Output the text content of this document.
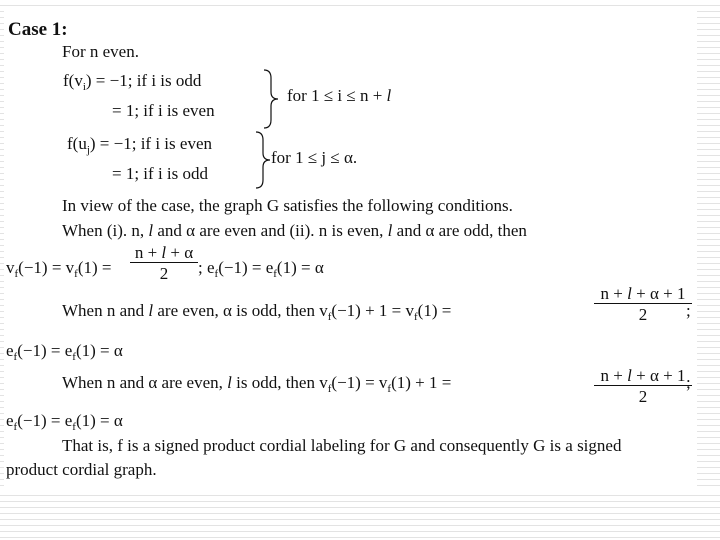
Case 1:
For n even.
$f(v_i) = -1$; if i is odd
= 1; if i is even
for 1 ≤ i ≤ n + l
$f(u_j) = -1$; if i is even
= 1; if i is odd
for 1 ≤ j ≤ α.
In view of the case, the graph G satisfies the following conditions.
When (i). n, l and α are even and (ii). n is even, l and α are odd, then
$v_f(-1) = v_f(1)$ =
n + l + α
2	; $e_f(-1) = e_f(1) = \alpha$
When n and l are even, α is odd, then $v_f(-1) + 1 = v_f(1)$ =
n + l + α + 1
2	;
$e_f(-1) = e_f(1) = \alpha$
When n and α are even, l is odd, then $v_f(-1) = v_f(1) + 1$ =	n + l + α + 1
2
;
$e_f(-1) = e_f(1) = \alpha$
That is, f is a signed product cordial labeling for G and consequently G is a signed
product cordial graph.
